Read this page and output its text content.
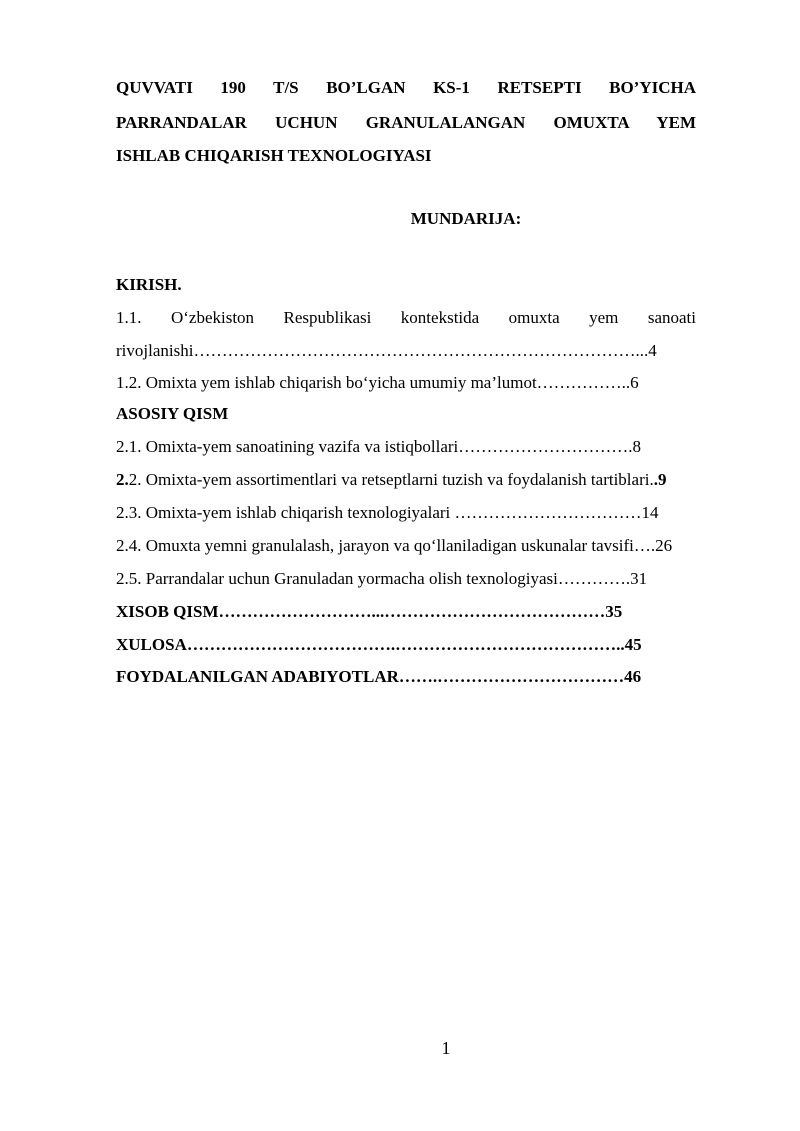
QUVVATI 190 T/S BO’LGAN KS-1 RETSEPTI BO’YICHA

PARRANDALAR UCHUN GRANULALANGAN OMUXTA YEM

ISHLAB CHIQARISH TEXNOLOGIYASI

MUNDARIJA:

KIRISH.

1.1. O‘zbekiston Respublikasi kontekstida omuxta yem sanoati

rivojlanishi……………………………………………………………………...4

1.2. Omixta yem ishlab chiqarish bo‘yicha umumiy ma’lumot……………..6

ASOSIY QISM

2.1. Omixta-yem sanoatining vazifa va istiqbollari………………………….8

2.2. Omixta-yem assortimentlari va retseptlarni tuzish va foydalanish tartiblari..9

2.3. Omixta-yem ishlab chiqarish texnologiyalari ……………………………14

2.4. Omuxta yemni granulalash, jarayon va qo‘llaniladigan uskunalar tavsifi….26

2.5. Parrandalar uchun Granuladan yormacha olish texnologiyasi………….31

XISOB QISM………………………...…………………………………35

XULOSA……………………………….…………………………………..45

FOYDALANILGAN ADABIYOTLAR…….……………………………46

1
